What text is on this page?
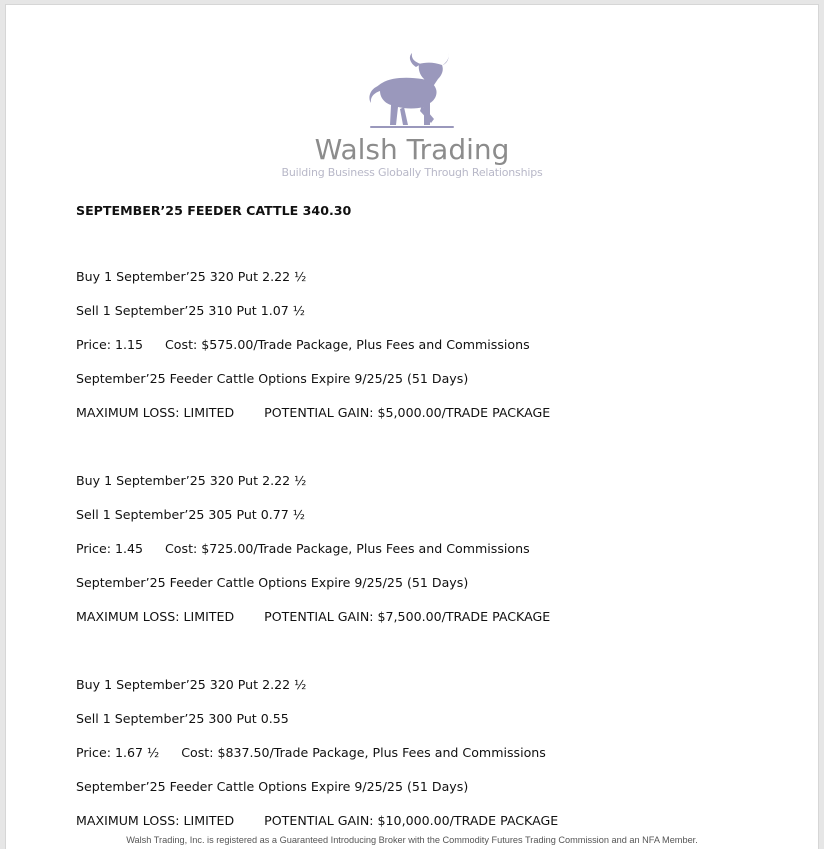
Walsh Trading
Building Business Globally Through Relationships
SEPTEMBER’25 FEEDER CATTLE 340.30
Buy 1 September’25 320 Put 2.22 ½
Sell 1 September’25 310 Put 1.07 ½
Price: 1.15 Cost: $575.00/Trade Package, Plus Fees and Commissions
September’25 Feeder Cattle Options Expire 9/25/25 (51 Days)
MAXIMUM LOSS: LIMITED POTENTIAL GAIN: $5,000.00/TRADE PACKAGE
Buy 1 September’25 320 Put 2.22 ½
Sell 1 September’25 305 Put 0.77 ½
Price: 1.45 Cost: $725.00/Trade Package, Plus Fees and Commissions
September’25 Feeder Cattle Options Expire 9/25/25 (51 Days)
MAXIMUM LOSS: LIMITED POTENTIAL GAIN: $7,500.00/TRADE PACKAGE
Buy 1 September’25 320 Put 2.22 ½
Sell 1 September’25 300 Put 0.55
Price: 1.67 ½ Cost: $837.50/Trade Package, Plus Fees and Commissions
September’25 Feeder Cattle Options Expire 9/25/25 (51 Days)
MAXIMUM LOSS: LIMITED POTENTIAL GAIN: $10,000.00/TRADE PACKAGE
Walsh Trading, Inc. is registered as a Guaranteed Introducing Broker with the Commodity Futures Trading Commission and an NFA Member.
